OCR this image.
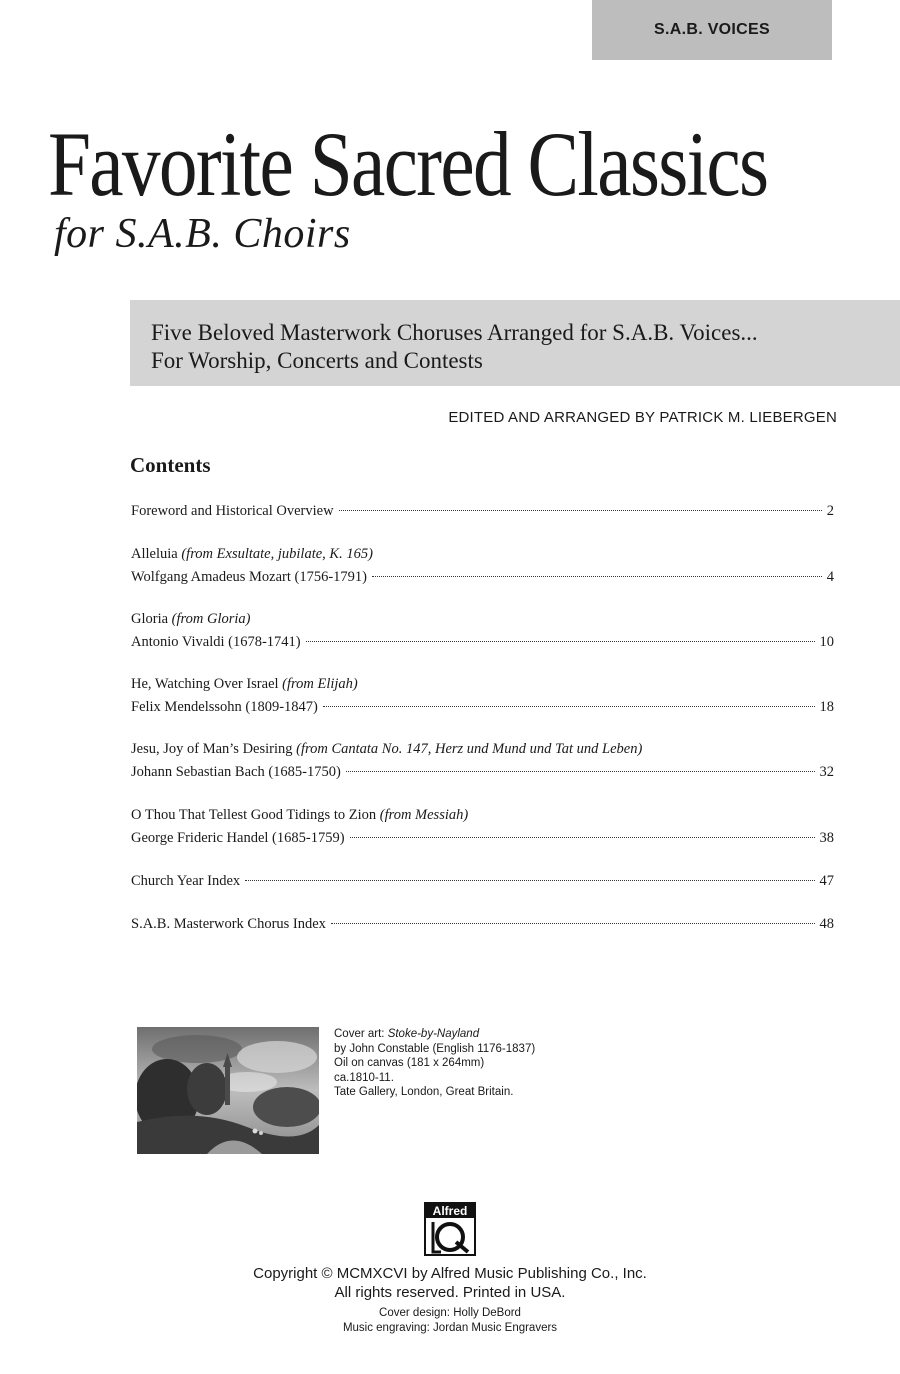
S.A.B. VOICES
Favorite Sacred Classics
for S.A.B. Choirs
Five Beloved Masterwork Choruses Arranged for S.A.B. Voices...
For Worship, Concerts and Contests
EDITED AND ARRANGED BY PATRICK M. LIEBERGEN
Contents
Foreword and Historical Overview	2
Alleluia (from Exsultate, jubilate, K. 165)
Wolfgang Amadeus Mozart (1756-1791)	4
Gloria (from Gloria)
Antonio Vivaldi (1678-1741)	10
He, Watching Over Israel (from Elijah)
Felix Mendelssohn (1809-1847)	18
Jesu, Joy of Man’s Desiring (from Cantata No. 147, Herz und Mund und Tat und Leben)
Johann Sebastian Bach (1685-1750)	32
O Thou That Tellest Good Tidings to Zion (from Messiah)
George Frideric Handel (1685-1759)	38
Church Year Index	47
S.A.B. Masterwork Chorus Index	48
Cover art: Stoke-by-Nayland
by John Constable (English 1176-1837)
Oil on canvas (181 x 264mm)
ca.1810-11.
Tate Gallery, London, Great Britain.
Alfred
Copyright © MCMXCVI by Alfred Music Publishing Co., Inc.
All rights reserved. Printed in USA.
Cover design: Holly DeBord
Music engraving: Jordan Music Engravers
